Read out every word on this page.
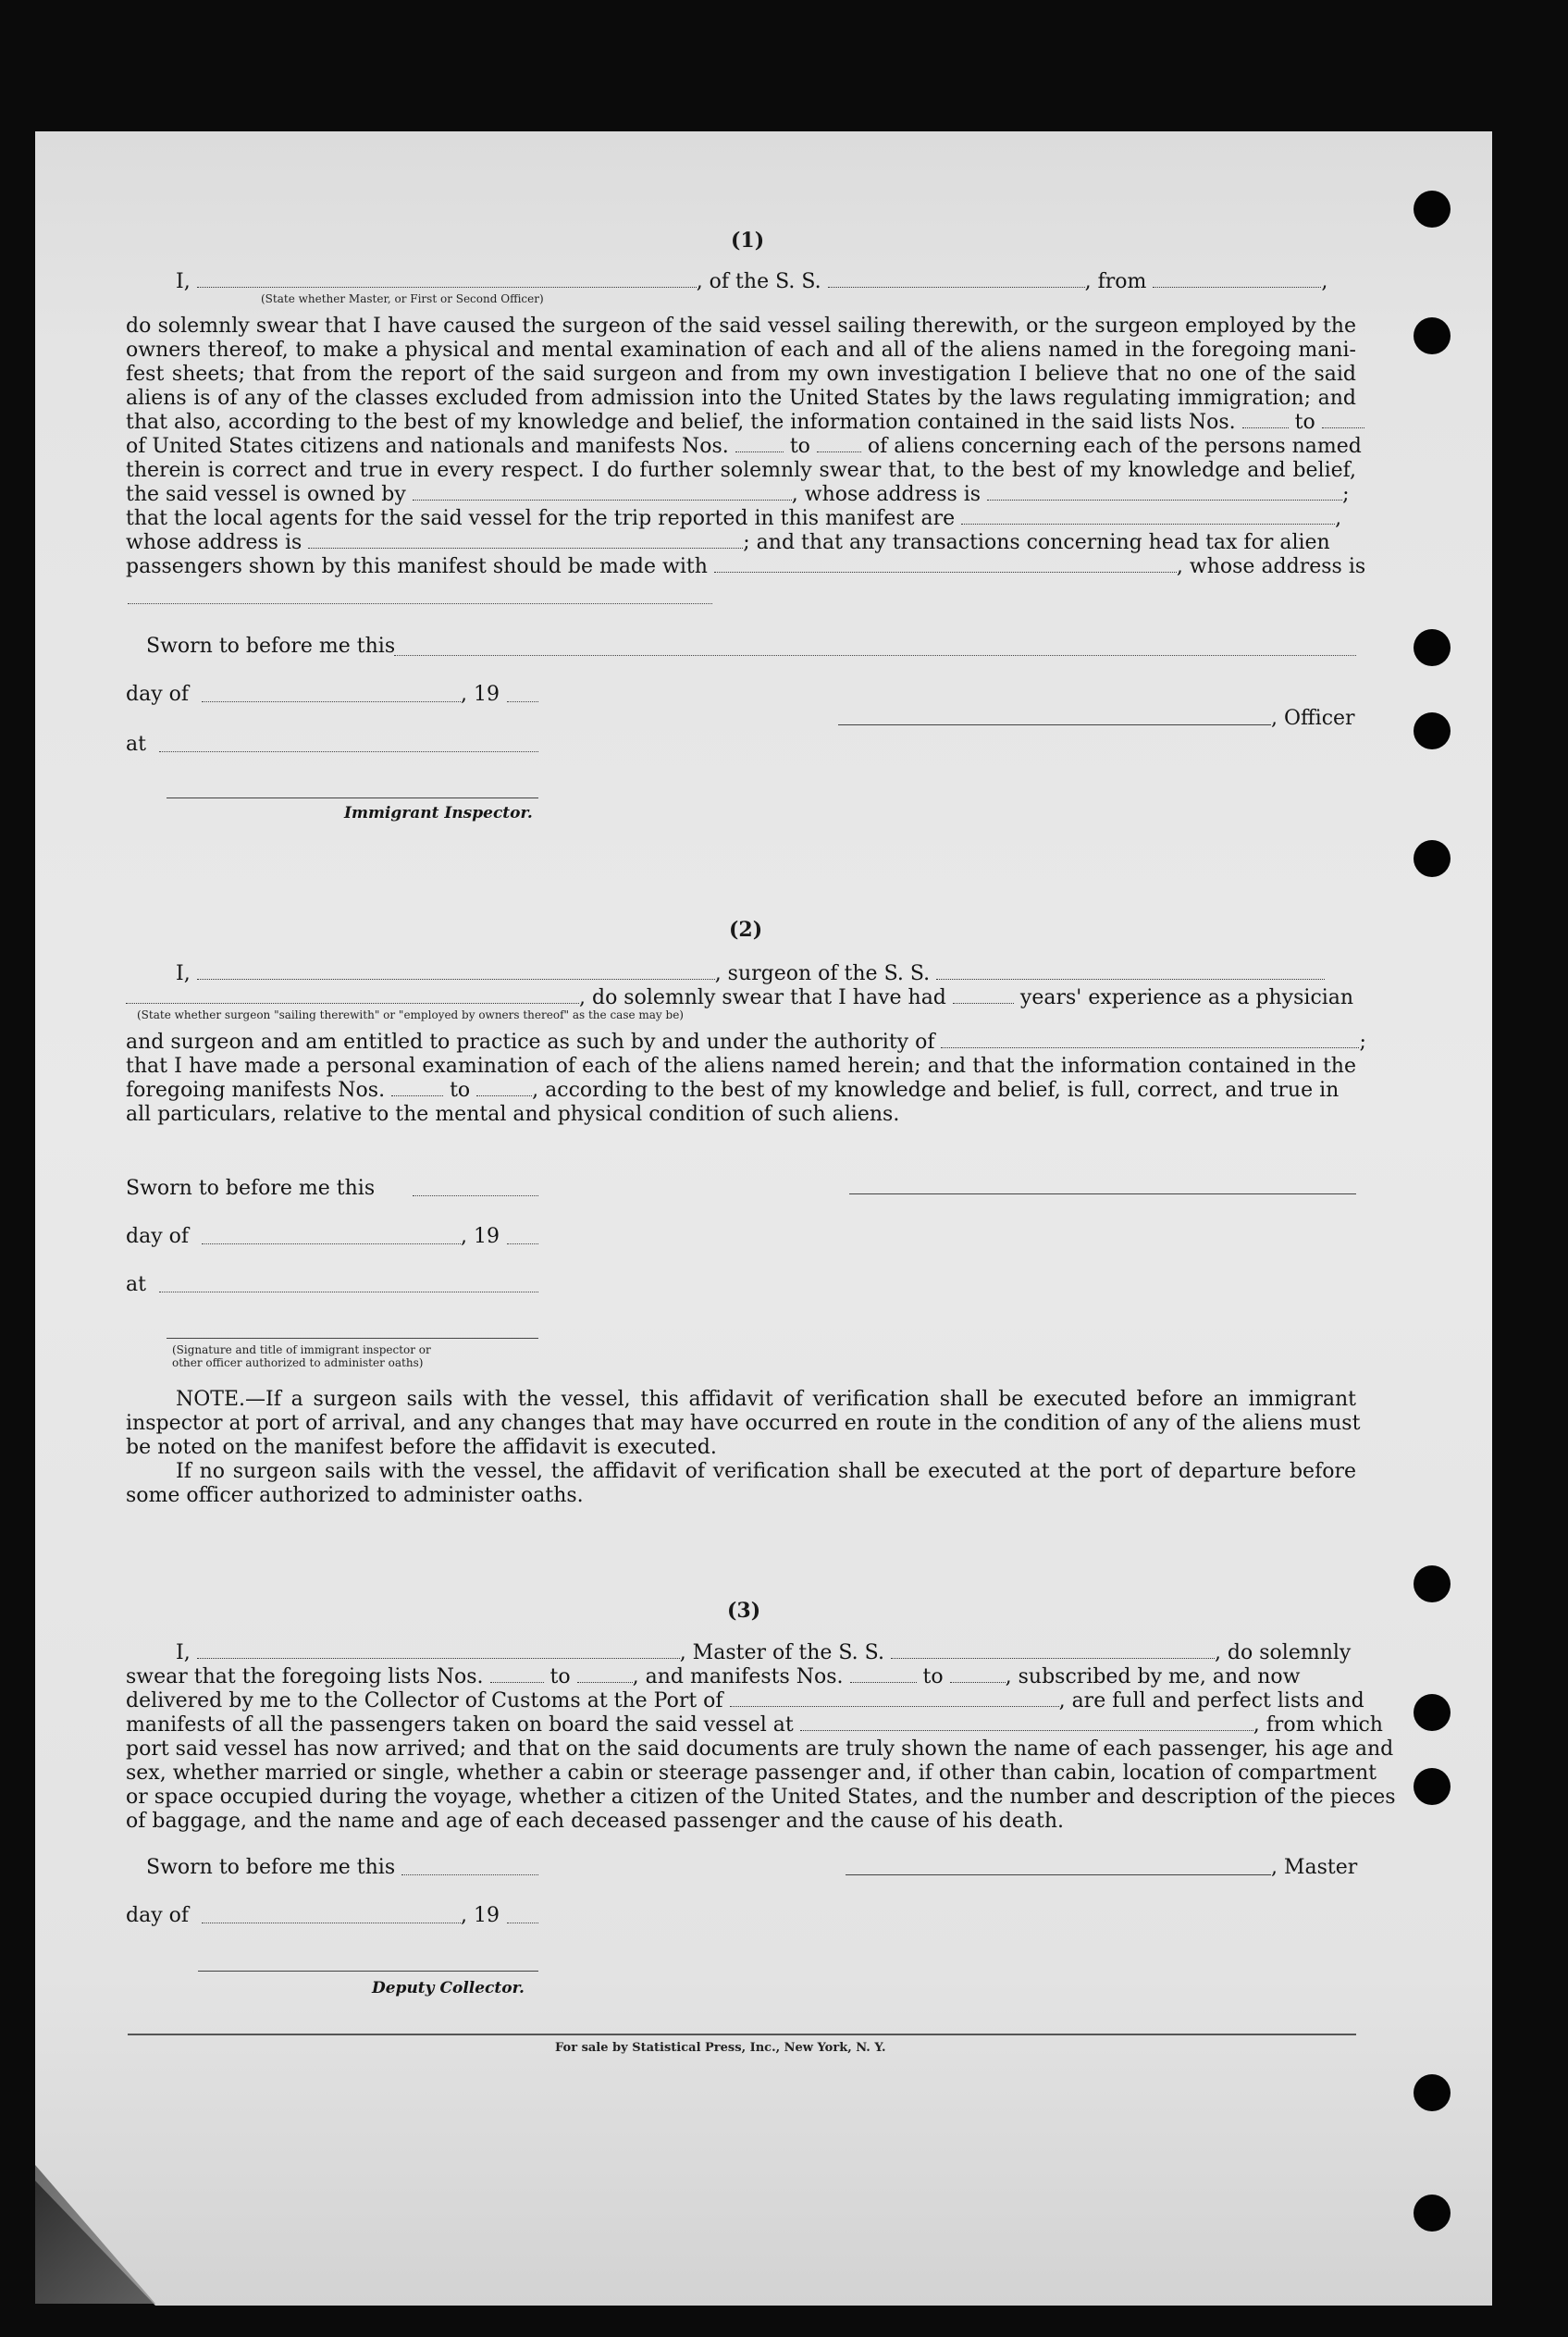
(1)
I,	, of the S. S.	, from	,
(State whether Master, or First or Second Officer)
do solemnly swear that I have caused the surgeon of the said vessel sailing therewith, or the surgeon employed by the
owners thereof, to make a physical and mental examination of each and all of the aliens named in the foregoing mani-
fest sheets; that from the report of the said surgeon and from my own investigation I believe that no one of the said
aliens is of any of the classes excluded from admission into the United States by the laws regulating immigration; and
that also, according to the best of my knowledge and belief, the information contained in the said lists Nos.	to
of United States citizens and nationals and manifests Nos.	to	of aliens concerning each of the persons named
therein is correct and true in every respect. I do further solemnly swear that, to the best of my knowledge and belief,
the said vessel is owned by	, whose address is	;
that the local agents for the said vessel for the trip reported in this manifest are	,
whose address is	; and that any transactions concerning head tax for alien
passengers shown by this manifest should be made with	, whose address is
Sworn to before me this
day of	, 19
, Officer
at
Immigrant Inspector.
(2)
I,	, surgeon of the S. S.
, do solemnly swear that I have had	years' experience as a physician
(State whether surgeon "sailing therewith" or "employed by owners thereof" as the case may be)
and surgeon and am entitled to practice as such by and under the authority of
that I have made a personal examination of each of the aliens named herein; and that the information contained in the
foregoing manifests Nos.	to	, according to the best of my knowledge and belief, is full, correct, and true in
all particulars, relative to the mental and physical condition of such aliens.
Sworn to before me this
day of	, 19
at
(Signature and title of immigrant inspector or
other officer authorized to administer oaths)
NOTE.—If a surgeon sails with the vessel, this affidavit of verification shall be executed before an immigrant
inspector at port of arrival, and any changes that may have occurred en route in the condition of any of the aliens must
be noted on the manifest before the affidavit is executed.
If no surgeon sails with the vessel, the affidavit of verification shall be executed at the port of departure before
some officer authorized to administer oaths.
(3)
I,	, Master of the S. S.	, do solemnly
swear that the foregoing lists Nos.	to	, and manifests Nos.	to	, subscribed by me, and now
delivered by me to the Collector of Customs at the Port of	, are full and perfect lists and
manifests of all the passengers taken on board the said vessel at	, from which
port said vessel has now arrived; and that on the said documents are truly shown the name of each passenger, his age and
sex, whether married or single, whether a cabin or steerage passenger and, if other than cabin, location of compartment
or space occupied during the voyage, whether a citizen of the United States, and the number and description of the pieces
of baggage, and the name and age of each deceased passenger and the cause of his death.
Sworn to before me this	, Master
day of	, 19
Deputy Collector.
For sale by Statistical Press, Inc., New York, N. Y.
